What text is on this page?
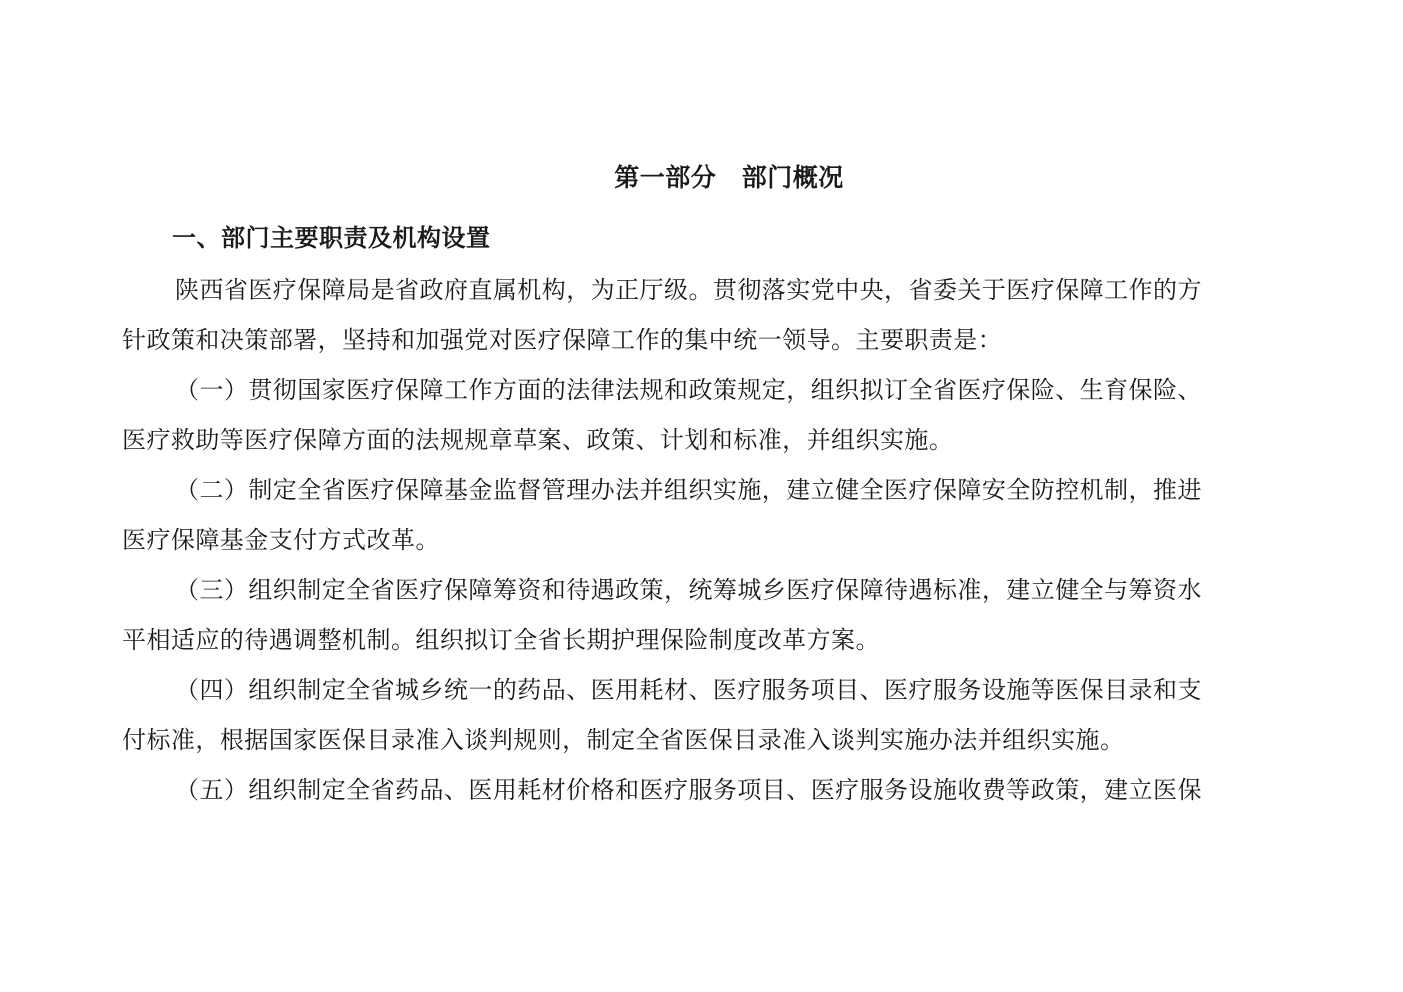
第一部分　部门概况
一、部门主要职责及机构设置
陕西省医疗保障局是省政府直属机构，为正厅级。贯彻落实党中央，省委关于医疗保障工作的方
针政策和决策部署，坚持和加强党对医疗保障工作的集中统一领导。主要职责是：
（一）贯彻国家医疗保障工作方面的法律法规和政策规定，组织拟订全省医疗保险、生育保险、
医疗救助等医疗保障方面的法规规章草案、政策、计划和标准，并组织实施。
（二）制定全省医疗保障基金监督管理办法并组织实施，建立健全医疗保障安全防控机制，推进
医疗保障基金支付方式改革。
（三）组织制定全省医疗保障筹资和待遇政策，统筹城乡医疗保障待遇标准，建立健全与筹资水
平相适应的待遇调整机制。组织拟订全省长期护理保险制度改革方案。
（四）组织制定全省城乡统一的药品、医用耗材、医疗服务项目、医疗服务设施等医保目录和支
付标准，根据国家医保目录准入谈判规则，制定全省医保目录准入谈判实施办法并组织实施。
（五）组织制定全省药品、医用耗材价格和医疗服务项目、医疗服务设施收费等政策，建立医保
